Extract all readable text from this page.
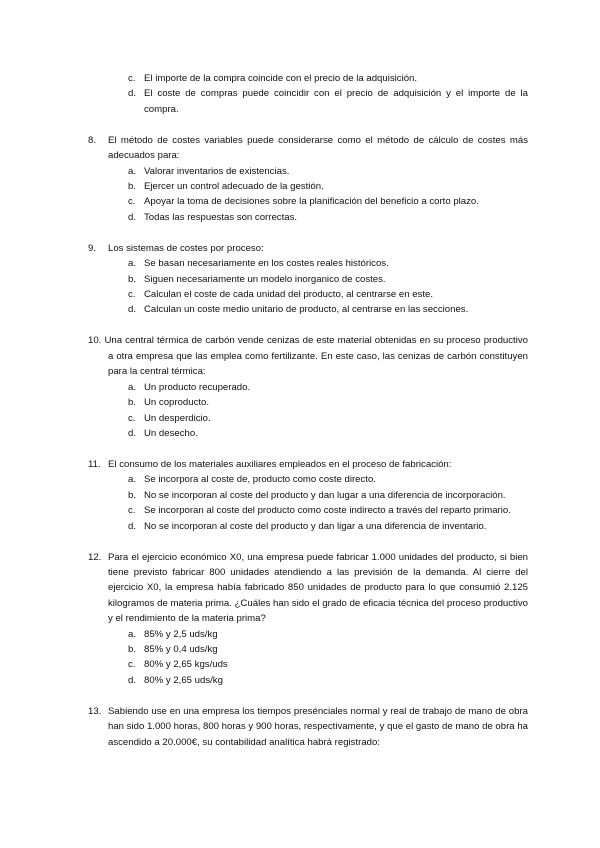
c. El importe de la compra coincide con el precio de la adquisición.
d. El coste de compras puede coincidir con el precio de adquisición y el importe de la compra.
8.	El método de costes variables puede considerarse como el método de cálculo de costes más adecuados para:
a. Valorar inventarios de existencias.
b. Ejercer un control adecuado de la gestión.
c. Apoyar la toma de decisiones sobre la planificación del beneficio a corto plazo.
d. Todas las respuestas son correctas.
9.	Los sistemas de costes por proceso:
a. Se basan necesariamente en los costes reales históricos.
b. Siguen necesariamente un modelo inorganico de costes.
c. Calculan el coste de cada unidad del producto, al centrarse en este.
d. Calculan un coste medio unitario de producto, al centrarse en las secciones.
10. Una central térmica de carbón vende cenizas de este material obtenidas en su proceso productivo a otra empresa que las emplea como fertilizante. En este caso, las cenizas de carbón constituyen para la central térmica:
a. Un producto recuperado.
b. Un coproducto.
c. Un desperdicio.
d. Un desecho.
11. El consumo de los materiales auxiliares empleados en el proceso de fabricación:
a. Se incorpora al coste de, producto como coste directo.
b. No se incorporan al coste del producto y dan lugar a una diferencia de incorporación.
c. Se incorporan al coste del producto como coste indirecto a través del reparto primario.
d. No se incorporan al coste del producto y dan ligar a una diferencia de inventario.
12. Para el ejercicio económico X0, una empresa puede fabricar 1.000 unidades del producto, si bien tiene previsto fabricar 800 unidades atendiendo a las previsión de la demanda. Al cierre del ejercicio X0, la empresa había fabricado 850 unidades de producto para lo que consumió 2.125 kilogramos de materia prima. ¿Cuáles han sido el grado de eficacia técnica del proceso productivo y el rendimiento de la materia prima?
a. 85% y 2,5 uds/kg
b. 85% y 0,4 uds/kg
c. 80% y 2,65 kgs/uds
d. 80% y 2,65 uds/kg
13. Sabiendo use en una empresa los tiempos presénciales normal y real de trabajo de mano de obra han sido 1.000 horas, 800 horas y 900 horas, respectivamente, y que el gasto de mano de obra ha ascendido a 20.000€, su contabilidad analítica habrá registrado:
